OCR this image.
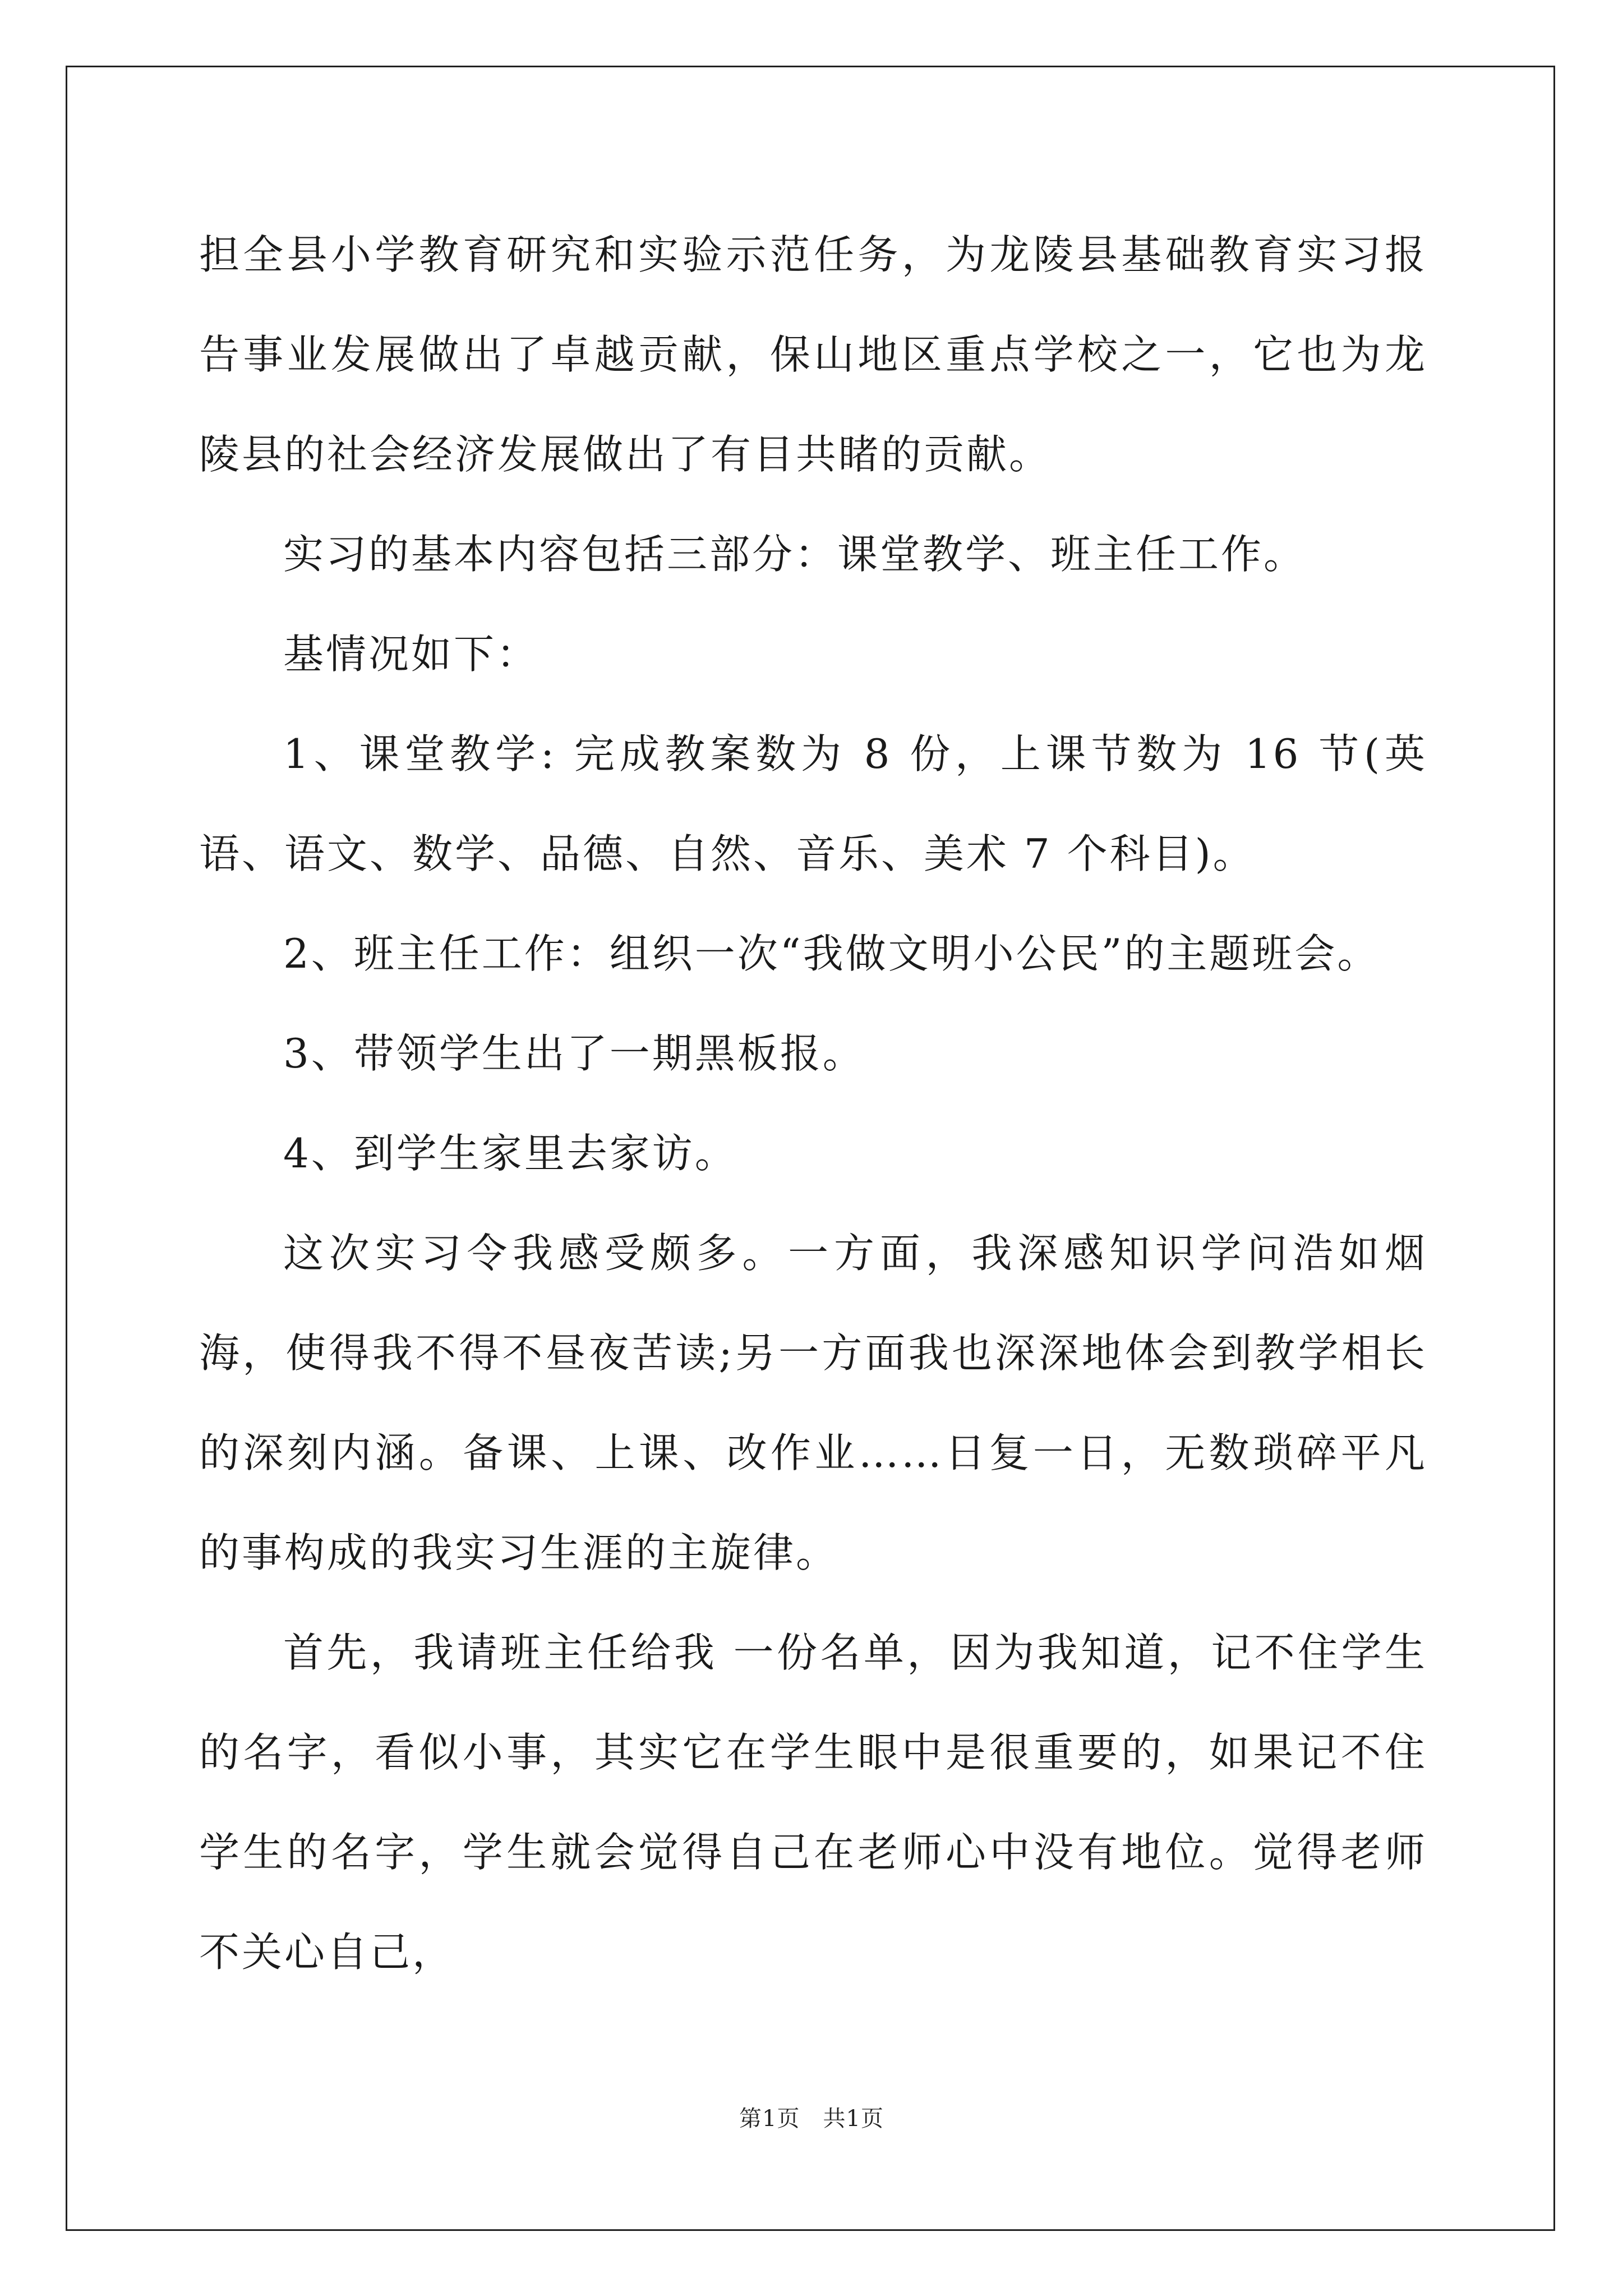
担全县小学教育研究和实验示范任务，为龙陵县基础教育实习报告事业发展做出了卓越贡献，保山地区重点学校之一，它也为龙陵县的社会经济发展做出了有目共睹的贡献。

实习的基本内容包括三部分：课堂教学、班主任工作。

基情况如下：

1、课堂教学: 完成教案数为 8 份，上课节数为 16 节(英语、语文、数学、品德、自然、音乐、美术 7 个科目)。

2、班主任工作：组织一次“我做文明小公民”的主题班会。

3、带领学生出了一期黑板报。

4、到学生家里去家访。

这次实习令我感受颇多。一方面，我深感知识学问浩如烟海，使得我不得不昼夜苦读;另一方面我也深深地体会到教学相长的深刻内涵。备课、上课、改作业……日复一日，无数琐碎平凡的事构成的我实习生涯的主旋律。

首先，我请班主任给我 一份名单，因为我知道，记不住学生的名字，看似小事，其实它在学生眼中是很重要的，如果记不住学生的名字，学生就会觉得自己在老师心中没有地位。觉得老师不关心自己，

第1页　共1页
